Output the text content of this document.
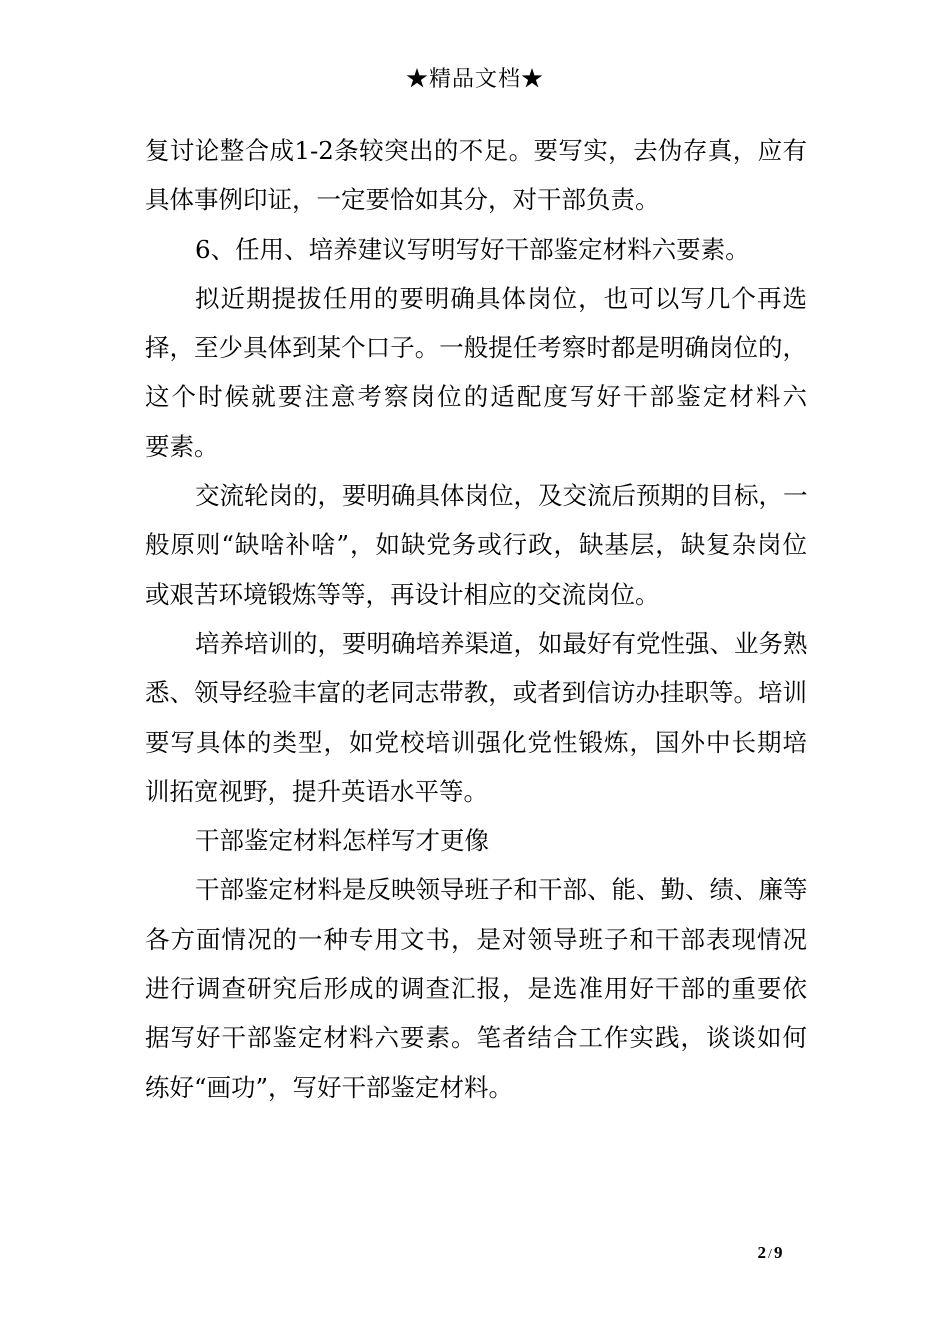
★精品文档★
复讨论整合成1-2条较突出的不足。要写实，去伪存真，应有
具体事例印证，一定要恰如其分，对干部负责。
6、任用、培养建议写明写好干部鉴定材料六要素。
拟近期提拔任用的要明确具体岗位，也可以写几个再选
择，至少具体到某个口子。一般提任考察时都是明确岗位的，
这个时候就要注意考察岗位的适配度写好干部鉴定材料六
要素。
交流轮岗的，要明确具体岗位，及交流后预期的目标，一
般原则“缺啥补啥”，如缺党务或行政，缺基层，缺复杂岗位
或艰苦环境锻炼等等，再设计相应的交流岗位。
培养培训的，要明确培养渠道，如最好有党性强、业务熟
悉、领导经验丰富的老同志带教，或者到信访办挂职等。培训
要写具体的类型，如党校培训强化党性锻炼，国外中长期培
训拓宽视野，提升英语水平等。
干部鉴定材料怎样写才更像
干部鉴定材料是反映领导班子和干部、能、勤、绩、廉等
各方面情况的一种专用文书，是对领导班子和干部表现情况
进行调查研究后形成的调查汇报，是选准用好干部的重要依
据写好干部鉴定材料六要素。笔者结合工作实践，谈谈如何
练好“画功”，写好干部鉴定材料。
2 / 9
